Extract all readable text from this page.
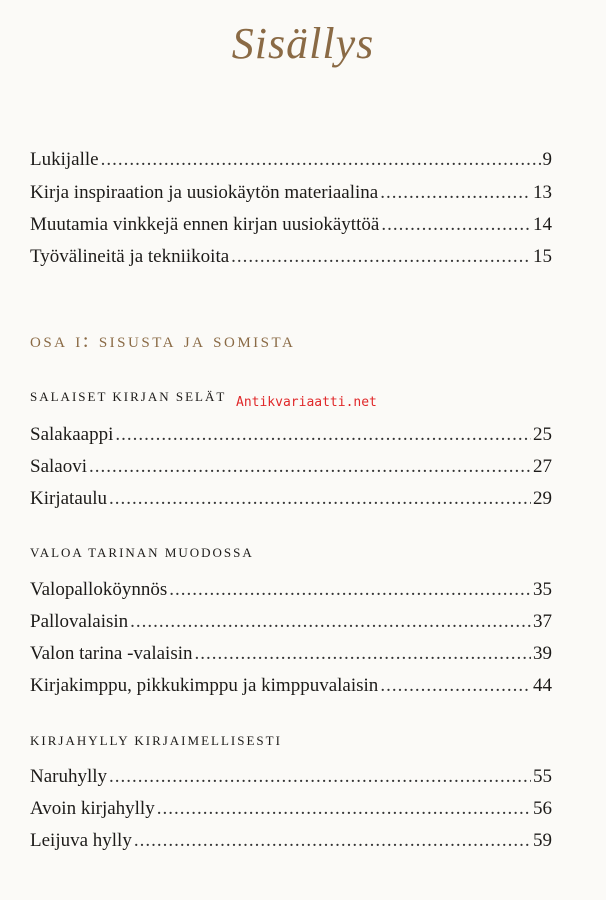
Sisällys
Lukijalle .....	9
Kirja inspiraation ja uusiokäytön materiaalina .....	13
Muutamia vinkkejä ennen kirjan uusiokäyttöä .....	14
Työvälineitä ja tekniikoita .....	15
osa i: sisusta ja somista
SALAISET KIRJAN SELÄT
Salakaappi .....	25
Salaovi .....	27
Kirjataulu .....	29
VALOA TARINAN MUODOSSA
Valopalloköynnös .....	35
Pallovalaisin .....	37
Valon tarina -valaisin .....	39
Kirjakimppu, pikkukimppu ja kimppuvalaisin .....	44
KIRJAHYLLY KIRJAIMELLISESTI
Naruhylly .....	55
Avoin kirjahylly .....	56
Leijuva hylly .....	59
Antikvariaatti.net
